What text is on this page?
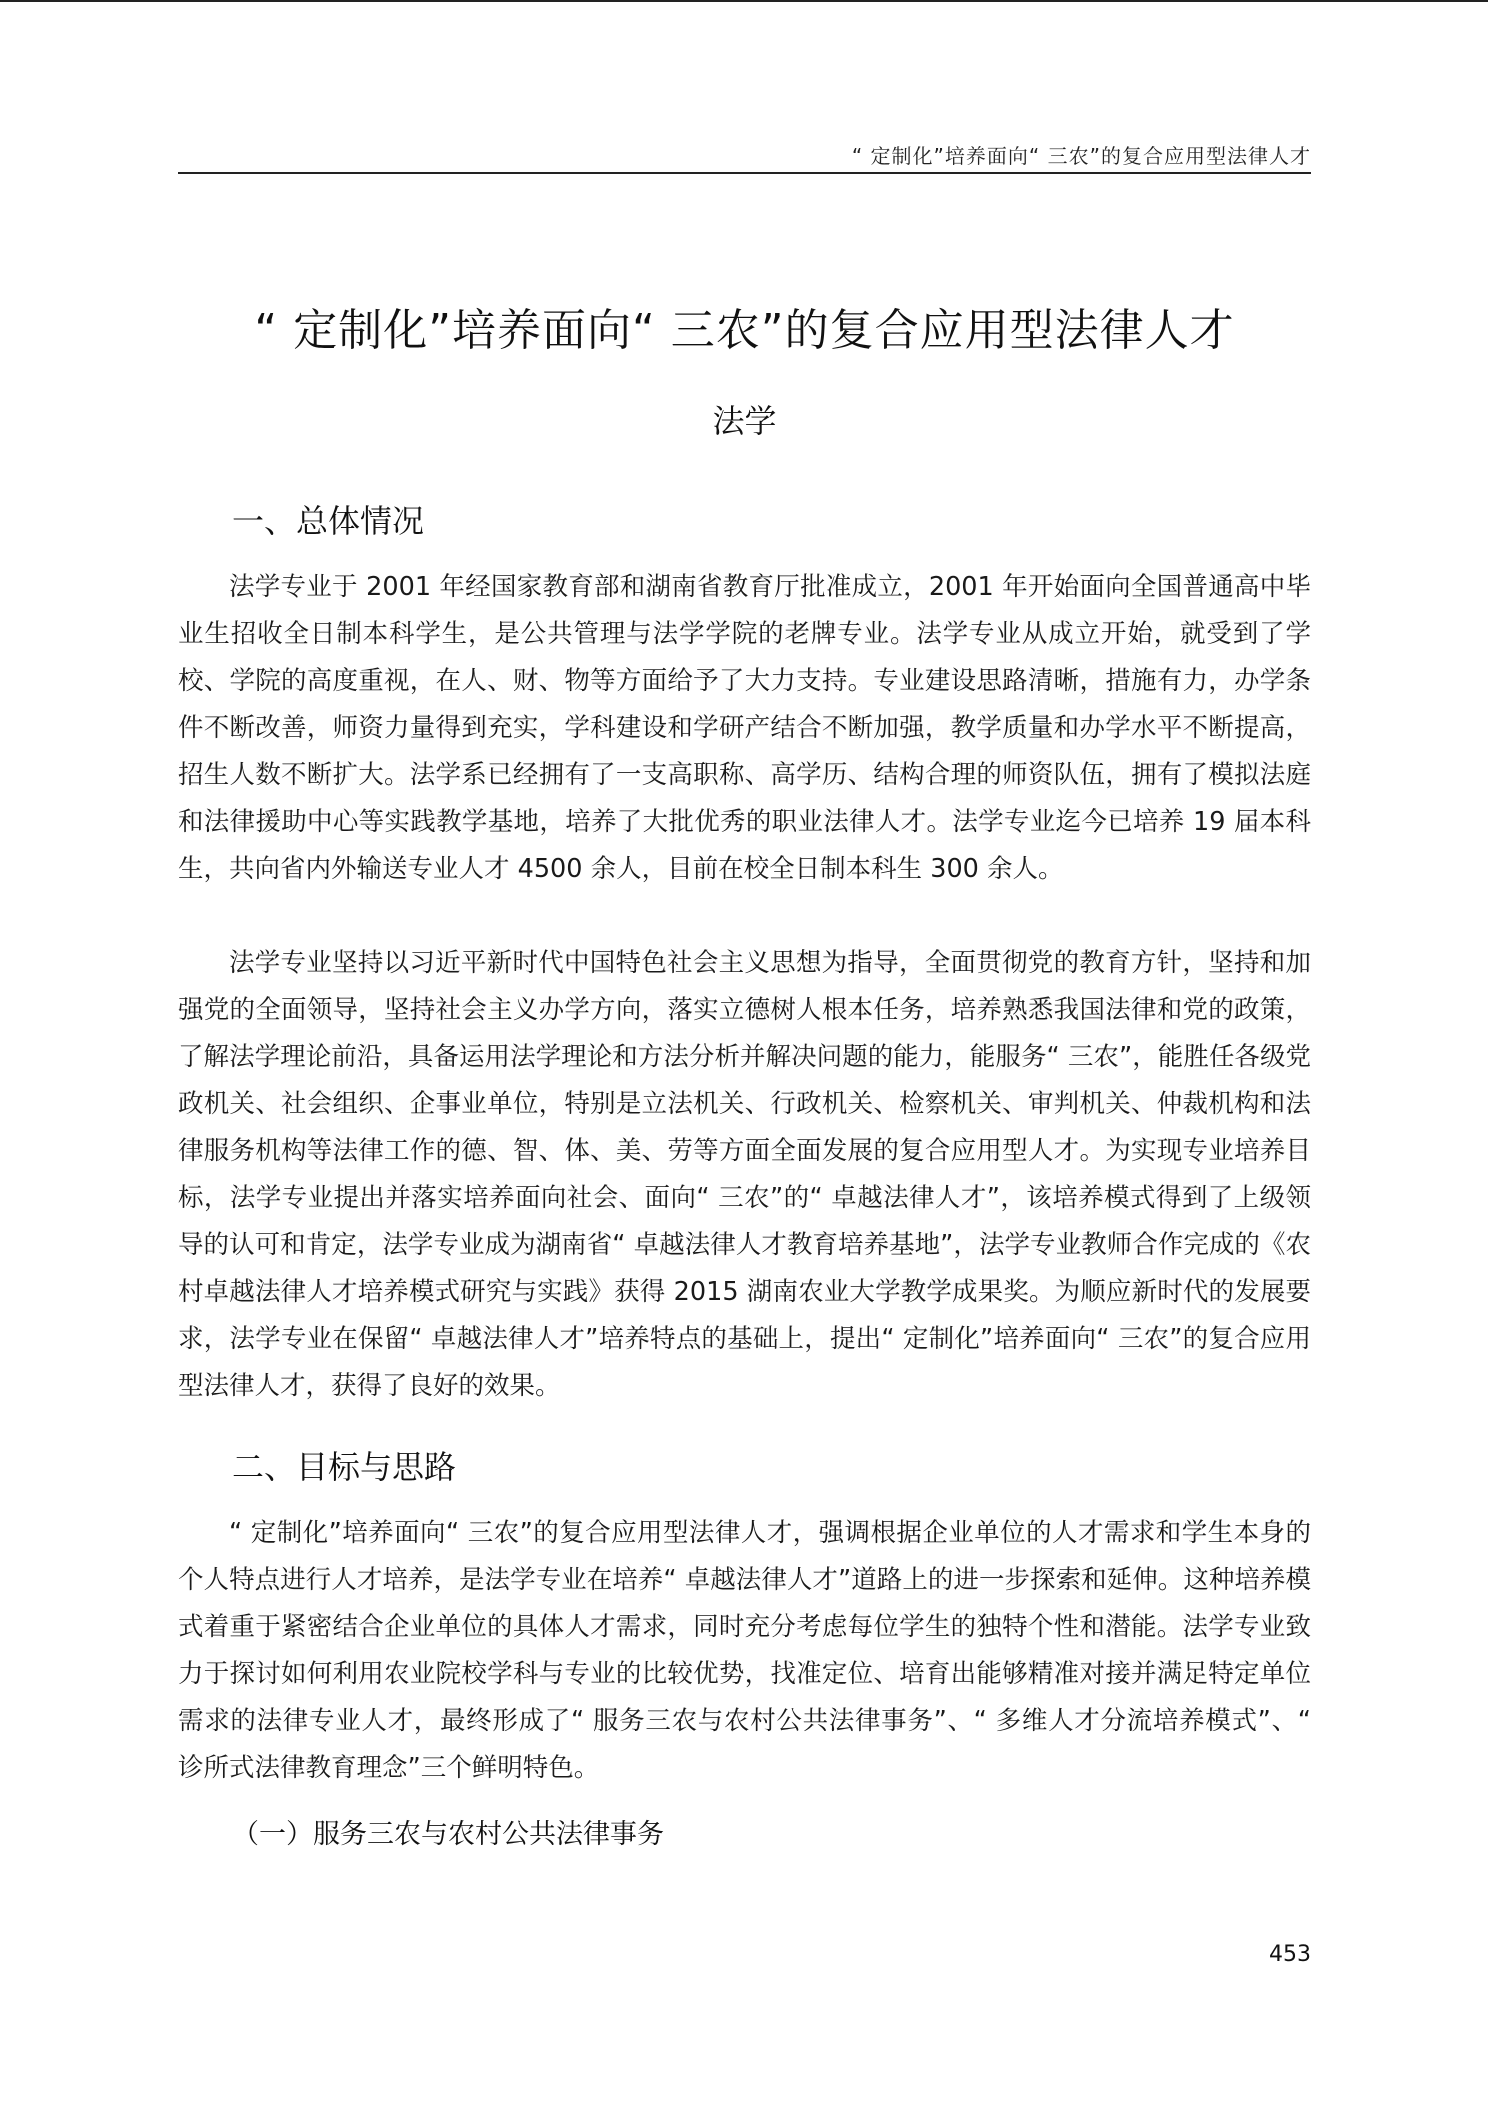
“ 定制化”培养面向“ 三农”的复合应用型法律人才
“ 定制化”培养面向“ 三农”的复合应用型法律人才
法学
一、总体情况

法学专业于 2001 年经国家教育部和湖南省教育厅批准成立，2001 年开始面向全国普通高中毕业生招收全日制本科学生，是公共管理与法学学院的老牌专业。法学专业从成立开始，就受到了学校、学院的高度重视，在人、财、物等方面给予了大力支持。专业建设思路清晰，措施有力，办学条件不断改善，师资力量得到充实，学科建设和学研产结合不断加强，教学质量和办学水平不断提高，招生人数不断扩大。法学系已经拥有了一支高职称、高学历、结构合理的师资队伍，拥有了模拟法庭和法律援助中心等实践教学基地，培养了大批优秀的职业法律人才。法学专业迄今已培养 19 届本科生，共向省内外输送专业人才 4500 余人，目前在校全日制本科生 300 余人。

法学专业坚持以习近平新时代中国特色社会主义思想为指导，全面贯彻党的教育方针，坚持和加强党的全面领导，坚持社会主义办学方向，落实立德树人根本任务，培养熟悉我国法律和党的政策，了解法学理论前沿，具备运用法学理论和方法分析并解决问题的能力，能服务“ 三农”，能胜任各级党政机关、社会组织、企事业单位，特别是立法机关、行政机关、检察机关、审判机关、仲裁机构和法律服务机构等法律工作的德、智、体、美、劳等方面全面发展的复合应用型人才。为实现专业培养目标，法学专业提出并落实培养面向社会、面向“ 三农”的“ 卓越法律人才”，该培养模式得到了上级领导的认可和肯定，法学专业成为湖南省“ 卓越法律人才教育培养基地”，法学专业教师合作完成的《农村卓越法律人才培养模式研究与实践》获得 2015 湖南农业大学教学成果奖。为顺应新时代的发展要求，法学专业在保留“ 卓越法律人才”培养特点的基础上，提出“ 定制化”培养面向“ 三农”的复合应用型法律人才，获得了良好的效果。

二、目标与思路

“ 定制化”培养面向“ 三农”的复合应用型法律人才，强调根据企业单位的人才需求和学生本身的个人特点进行人才培养，是法学专业在培养“ 卓越法律人才”道路上的进一步探索和延伸。这种培养模式着重于紧密结合企业单位的具体人才需求，同时充分考虑每位学生的独特个性和潜能。法学专业致力于探讨如何利用农业院校学科与专业的比较优势，找准定位、培育出能够精准对接并满足特定单位需求的法律专业人才，最终形成了“ 服务三农与农村公共法律事务”、“ 多维人才分流培养模式”、“ 诊所式法律教育理念”三个鲜明特色。

（一）服务三农与农村公共法律事务
453
